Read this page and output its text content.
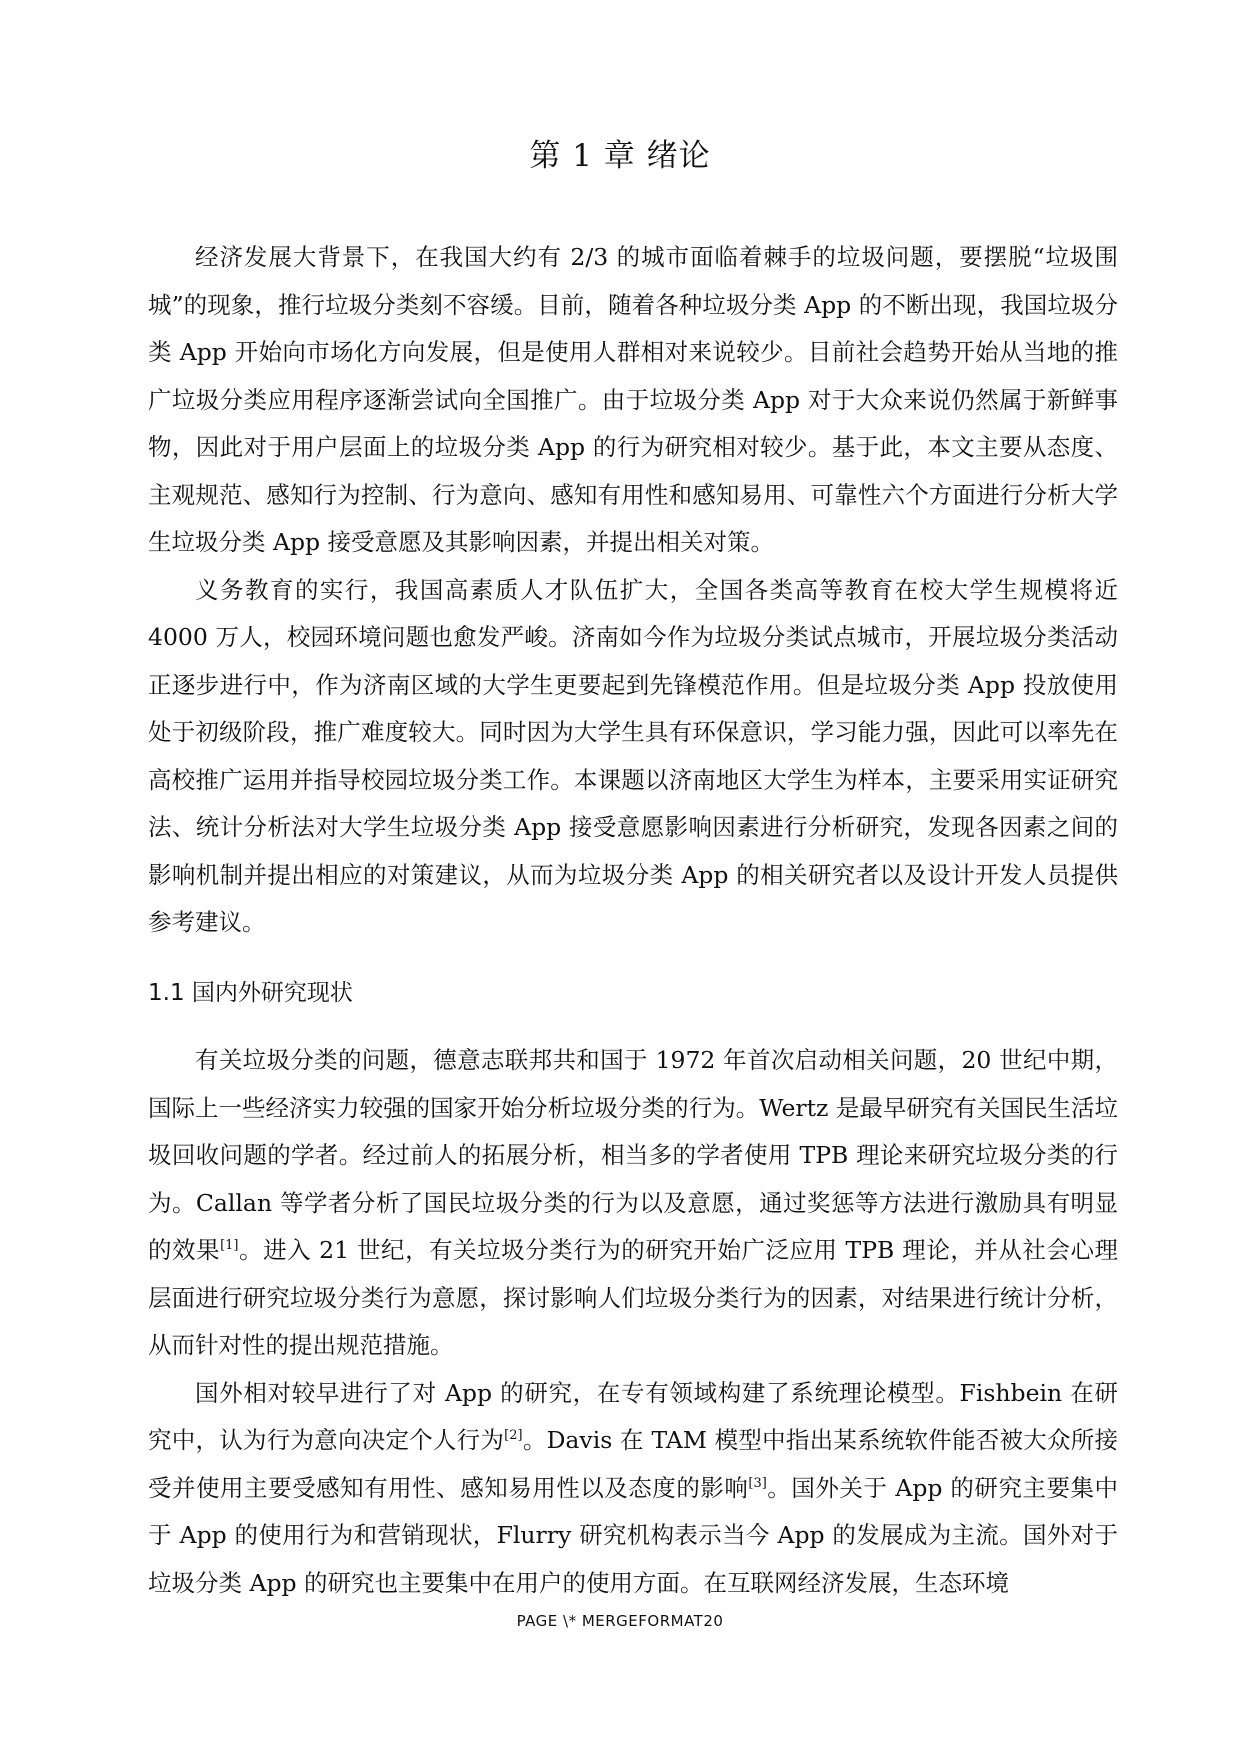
第 1 章 绪论

经济发展大背景下，在我国大约有 2/3 的城市面临着棘手的垃圾问题，要摆脱“垃圾围城”的现象，推行垃圾分类刻不容缓。目前，随着各种垃圾分类 App 的不断出现，我国垃圾分类 App 开始向市场化方向发展，但是使用人群相对来说较少。目前社会趋势开始从当地的推广垃圾分类应用程序逐渐尝试向全国推广。由于垃圾分类 App 对于大众来说仍然属于新鲜事物，因此对于用户层面上的垃圾分类 App 的行为研究相对较少。基于此，本文主要从态度、主观规范、感知行为控制、行为意向、感知有用性和感知易用、可靠性六个方面进行分析大学生垃圾分类 App 接受意愿及其影响因素，并提出相关对策。

义务教育的实行，我国高素质人才队伍扩大，全国各类高等教育在校大学生规模将近 4000 万人，校园环境问题也愈发严峻。济南如今作为垃圾分类试点城市，开展垃圾分类活动正逐步进行中，作为济南区域的大学生更要起到先锋模范作用。但是垃圾分类 App 投放使用处于初级阶段，推广难度较大。同时因为大学生具有环保意识，学习能力强，因此可以率先在高校推广运用并指导校园垃圾分类工作。本课题以济南地区大学生为样本，主要采用实证研究法、统计分析法对大学生垃圾分类 App 接受意愿影响因素进行分析研究，发现各因素之间的影响机制并提出相应的对策建议，从而为垃圾分类 App 的相关研究者以及设计开发人员提供参考建议。

1.1 国内外研究现状

有关垃圾分类的问题，德意志联邦共和国于 1972 年首次启动相关问题，20 世纪中期，国际上一些经济实力较强的国家开始分析垃圾分类的行为。Wertz 是最早研究有关国民生活垃圾回收问题的学者。经过前人的拓展分析，相当多的学者使用 TPB 理论来研究垃圾分类的行为。Callan 等学者分析了国民垃圾分类的行为以及意愿，通过奖惩等方法进行激励具有明显的效果[1]。进入 21 世纪，有关垃圾分类行为的研究开始广泛应用 TPB 理论，并从社会心理层面进行研究垃圾分类行为意愿，探讨影响人们垃圾分类行为的因素，对结果进行统计分析，从而针对性的提出规范措施。

国外相对较早进行了对 App 的研究，在专有领域构建了系统理论模型。Fishbein 在研究中，认为行为意向决定个人行为[2]。Davis 在 TAM 模型中指出某系统软件能否被大众所接受并使用主要受感知有用性、感知易用性以及态度的影响[3]。国外关于 App 的研究主要集中于 App 的使用行为和营销现状，Flurry 研究机构表示当今 App 的发展成为主流。国外对于垃圾分类 App 的研究也主要集中在用户的使用方面。在互联网经济发展，生态环境

PAGE \* MERGEFORMAT20
